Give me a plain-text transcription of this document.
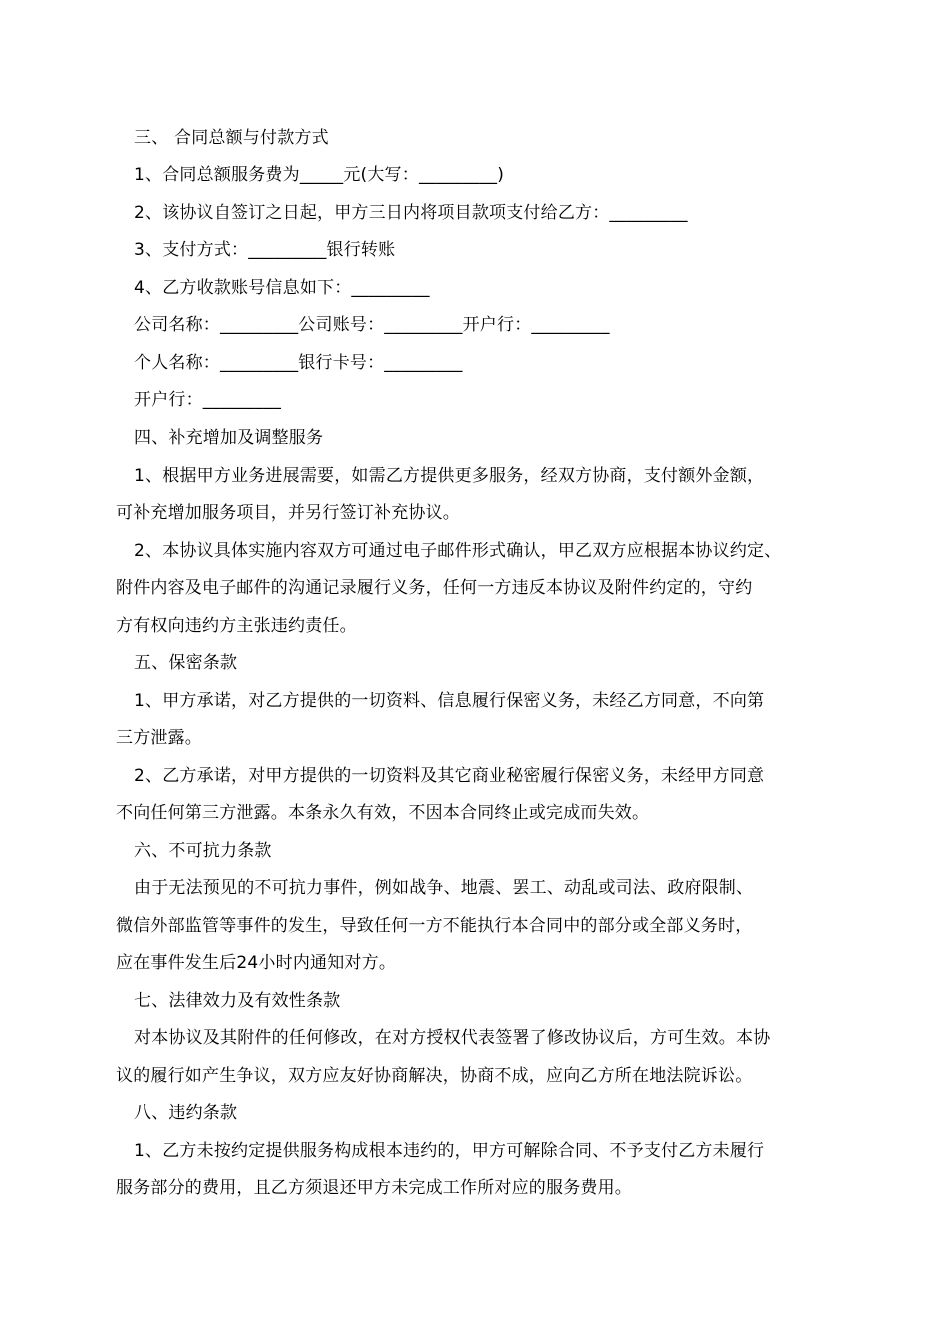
三、 合同总额与付款方式
1、合同总额服务费为_____元(大写：_________)
2、该协议自签订之日起，甲方三日内将项目款项支付给乙方：_________
3、支付方式：_________银行转账
4、乙方收款账号信息如下：_________
公司名称：_________公司账号：_________开户行：_________
个人名称：_________银行卡号：_________
开户行：_________
四、补充增加及调整服务
1、根据甲方业务进展需要，如需乙方提供更多服务，经双方协商，支付额外金额，
可补充增加服务项目，并另行签订补充协议。
2、本协议具体实施内容双方可通过电子邮件形式确认，甲乙双方应根据本协议约定、
附件内容及电子邮件的沟通记录履行义务，任何一方违反本协议及附件约定的，守约
方有权向违约方主张违约责任。
五、保密条款
1、甲方承诺，对乙方提供的一切资料、信息履行保密义务，未经乙方同意，不向第
三方泄露。
2、乙方承诺，对甲方提供的一切资料及其它商业秘密履行保密义务，未经甲方同意
不向任何第三方泄露。本条永久有效，不因本合同终止或完成而失效。
六、不可抗力条款
由于无法预见的不可抗力事件，例如战争、地震、罢工、动乱或司法、政府限制、
微信外部监管等事件的发生，导致任何一方不能执行本合同中的部分或全部义务时，
应在事件发生后24小时内通知对方。
七、法律效力及有效性条款
对本协议及其附件的任何修改，在对方授权代表签署了修改协议后，方可生效。本协
议的履行如产生争议，双方应友好协商解决，协商不成，应向乙方所在地法院诉讼。
八、违约条款
1、乙方未按约定提供服务构成根本违约的，甲方可解除合同、不予支付乙方未履行
服务部分的费用，且乙方须退还甲方未完成工作所对应的服务费用。
